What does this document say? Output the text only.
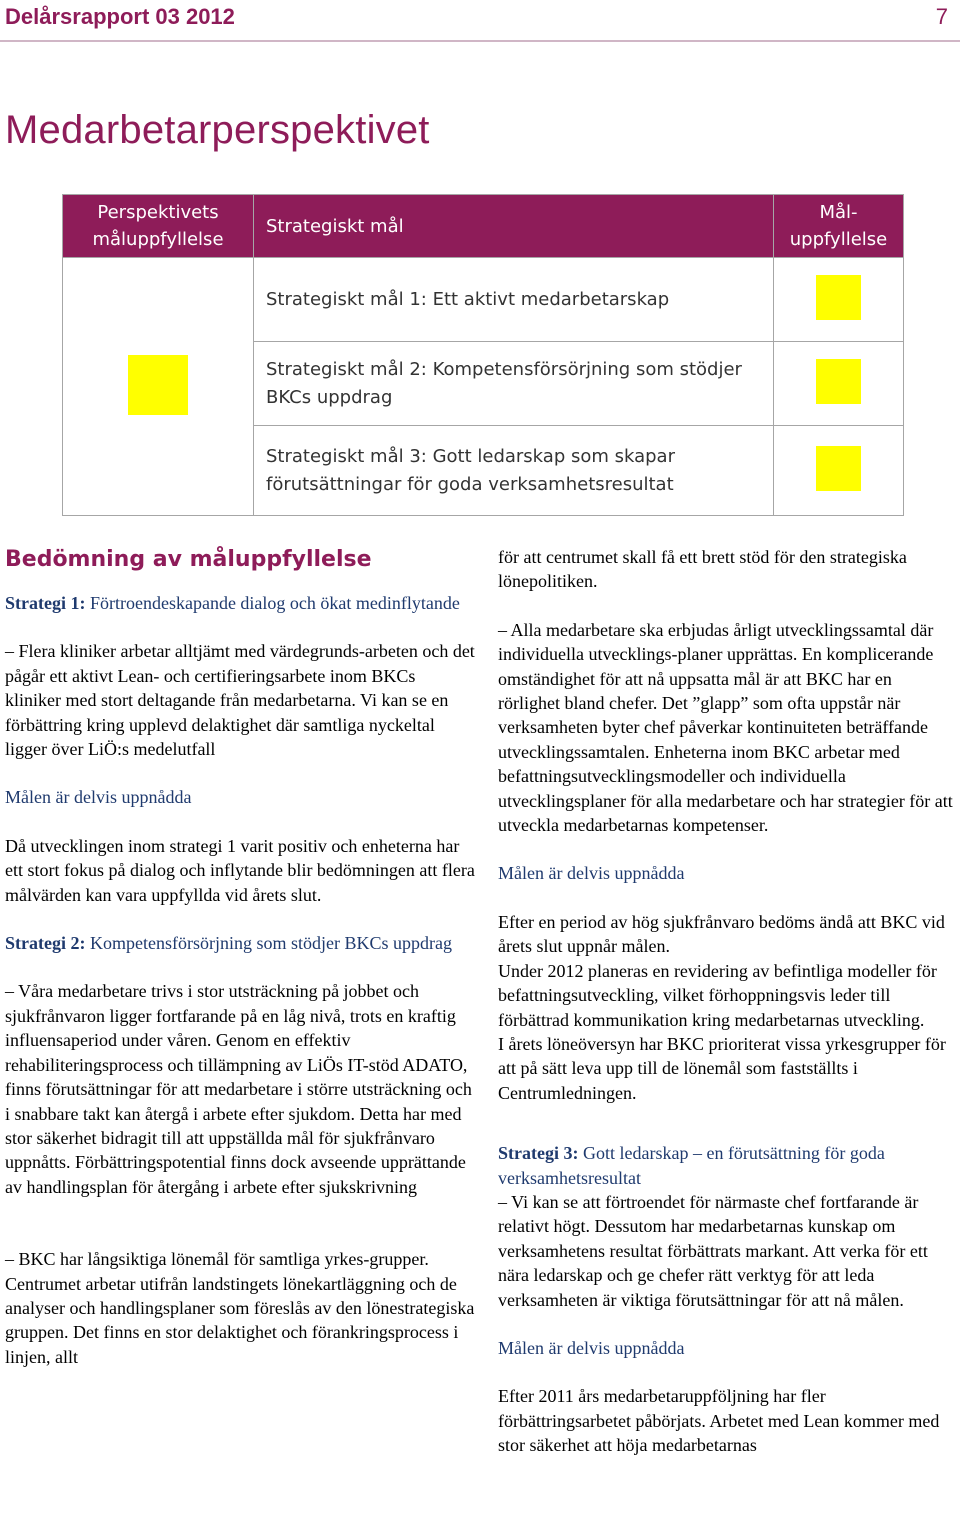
Delårsrapport 03 2012	7
Medarbetarperspektivet
Perspektivets måluppfyllelse	Strategiskt mål	Mål-uppfyllelse
	Strategiskt mål 1: Ett aktivt medarbetarskap	
	Strategiskt mål 2: Kompetensförsörjning som stödjer BKCs uppdrag	
	Strategiskt mål 3: Gott ledarskap som skapar förutsättningar för goda verksamhetsresultat	

Bedömning av måluppfyllelse

Strategi 1: Förtroendeskapande dialog och ökat medinflytande

– Flera kliniker arbetar alltjämt med värdegrunds-arbeten och det pågår ett aktivt Lean- och certifieringsarbete inom BKCs kliniker med stort deltagande från medarbetarna. Vi kan se en förbättring kring upplevd delaktighet där samtliga nyckeltal ligger över LiÖ:s medelutfall

Målen är delvis uppnådda

Då utvecklingen inom strategi 1 varit positiv och enheterna har ett stort fokus på dialog och inflytande blir bedömningen att flera målvärden kan vara uppfyllda vid årets slut.

Strategi 2: Kompetensförsörjning som stödjer BKCs uppdrag

– Våra medarbetare trivs i stor utsträckning på jobbet och sjukfrånvaron ligger fortfarande på en låg nivå, trots en kraftig influensaperiod under våren. Genom en effektiv rehabiliteringsprocess och tillämpning av LiÖs IT-stöd ADATO, finns förutsättningar för att medarbetare i större utsträckning och i snabbare takt kan återgå i arbete efter sjukdom. Detta har med stor säkerhet bidragit till att uppställda mål för sjukfrånvaro uppnåtts. Förbättringspotential finns dock avseende upprättande av handlingsplan för återgång i arbete efter sjukskrivning

– BKC har långsiktiga lönemål för samtliga yrkes-grupper. Centrumet arbetar utifrån landstingets lönekartläggning och de analyser och handlingsplaner som föreslås av den lönestrategiska gruppen. Det finns en stor delaktighet och förankringsprocess i linjen, allt

för att centrumet skall få ett brett stöd för den strategiska lönepolitiken.

– Alla medarbetare ska erbjudas årligt utvecklingssamtal där individuella utvecklings-planer upprättas. En komplicerande omständighet för att nå uppsatta mål är att BKC har en rörlighet bland chefer. Det ”glapp” som ofta uppstår när verksamheten byter chef påverkar kontinuiteten beträffande utvecklingssamtalen. Enheterna inom BKC arbetar med befattningsutvecklingsmodeller och individuella utvecklingsplaner för alla medarbetare och har strategier för att utveckla medarbetarnas kompetenser.

Målen är delvis uppnådda

Efter en period av hög sjukfrånvaro bedöms ändå att BKC vid årets slut uppnår målen.

Under 2012 planeras en revidering av befintliga modeller för befattningsutveckling, vilket förhoppningsvis leder till förbättrad kommunikation kring medarbetarnas utveckling.

I årets löneöversyn har BKC prioriterat vissa yrkesgrupper för att på sätt leva upp till de lönemål som fastställts i Centrumledningen.

Strategi 3: Gott ledarskap – en förutsättning för goda verksamhetsresultat

– Vi kan se att förtroendet för närmaste chef fortfarande är relativt högt. Dessutom har medarbetarnas kunskap om verksamhetens resultat förbättrats markant. Att verka för ett nära ledarskap och ge chefer rätt verktyg för att leda verksamheten är viktiga förutsättningar för att nå målen.

Målen är delvis uppnådda

Efter 2011 års medarbetaruppföljning har fler förbättringsarbetet påbörjats. Arbetet med Lean kommer med stor säkerhet att höja medarbetarnas
